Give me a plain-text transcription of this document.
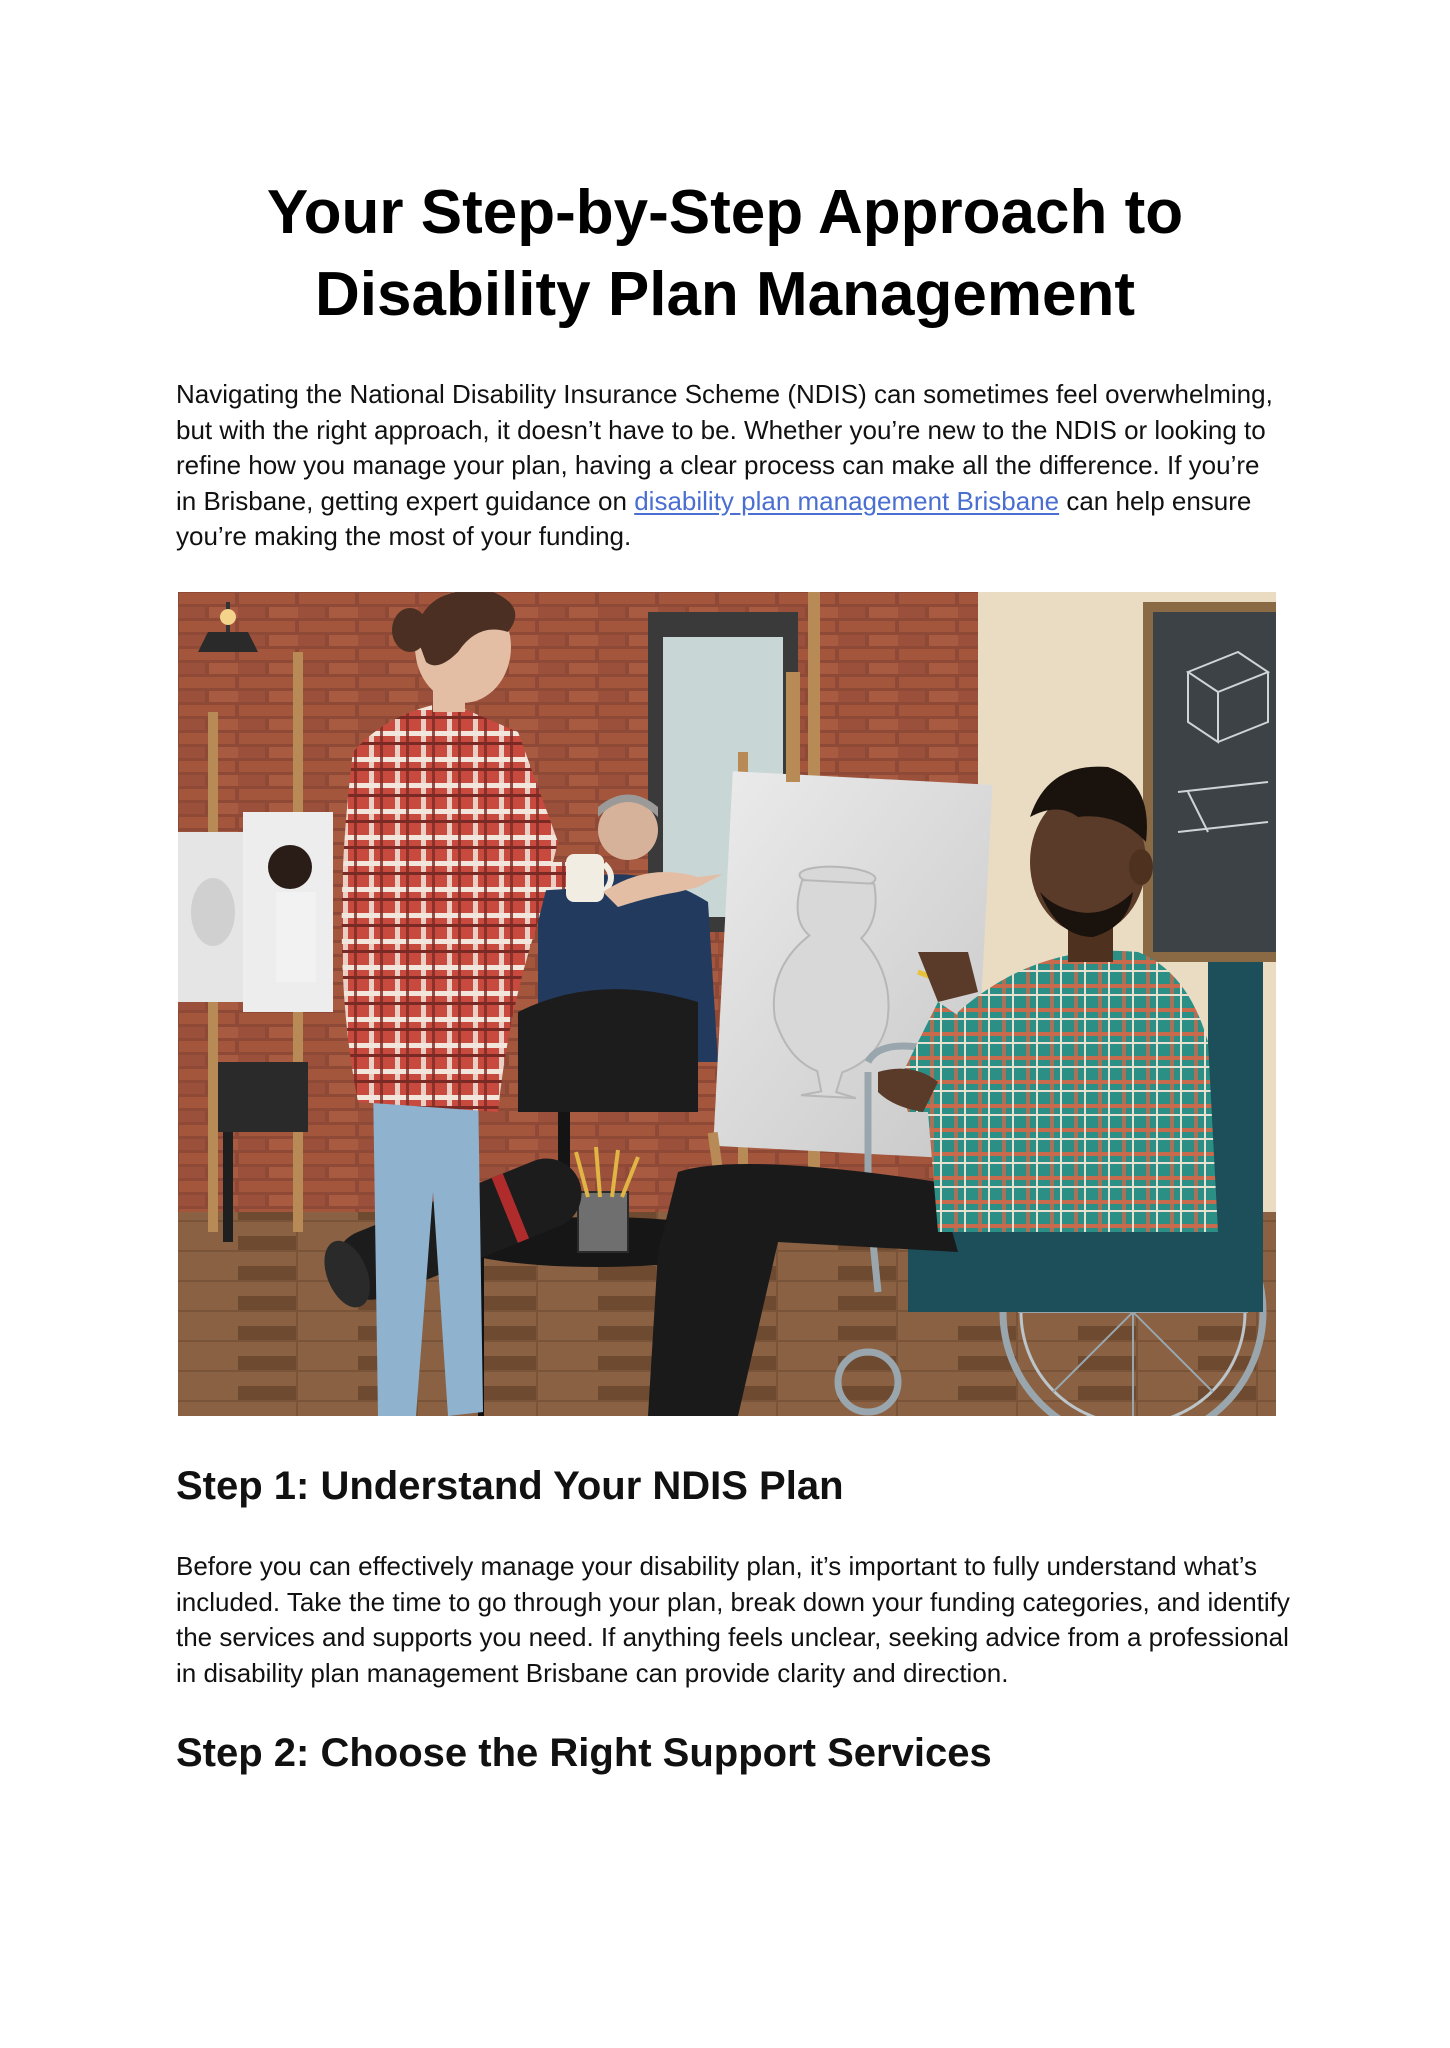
Your Step-by-Step Approach to
Disability Plan Management

Navigating the National Disability Insurance Scheme (NDIS) can sometimes feel overwhelming, but with the right approach, it doesn’t have to be. Whether you’re new to the NDIS or looking to refine how you manage your plan, having a clear process can make all the difference. If you’re in Brisbane, getting expert guidance on disability plan management Brisbane can help ensure you’re making the most of your funding.

Step 1: Understand Your NDIS Plan

Before you can effectively manage your disability plan, it’s important to fully understand what’s included. Take the time to go through your plan, break down your funding categories, and identify the services and supports you need. If anything feels unclear, seeking advice from a professional in disability plan management Brisbane can provide clarity and direction.

Step 2: Choose the Right Support Services
